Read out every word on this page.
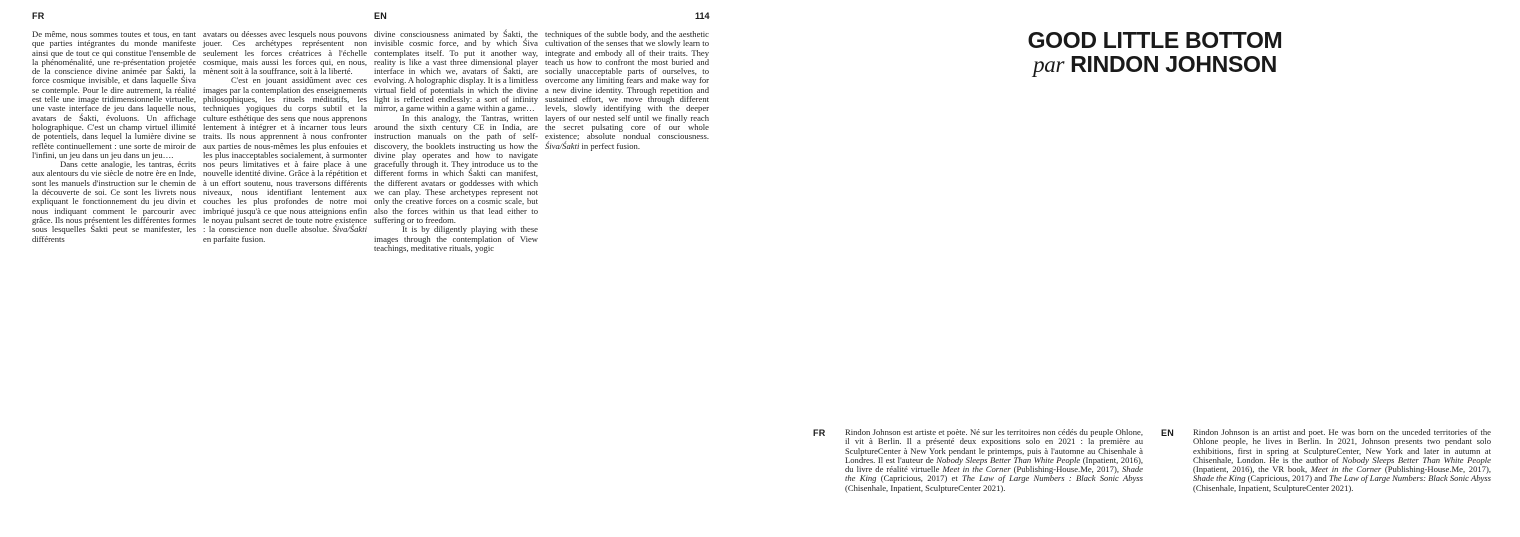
FR	EN	114

De même, nous sommes toutes et tous, en tant que parties intégrantes du monde manifeste ainsi que de tout ce qui constitue l'ensemble de la phénoménalité, une re-présentation projetée de la conscience divine animée par Śakti, la force cosmique invisible, et dans laquelle Śiva se contemple. Pour le dire autrement, la réalité est telle une image tridimensionnelle virtuelle, une vaste interface de jeu dans laquelle nous, avatars de Śakti, évoluons. Un affichage holographique. C'est un champ virtuel illimité de potentiels, dans lequel la lumière divine se reflète continuellement : une sorte de miroir de l'infini, un jeu dans un jeu dans un jeu….

Dans cette analogie, les tantras, écrits aux alentours du vie siècle de notre ère en Inde, sont les manuels d'instruction sur le chemin de la découverte de soi. Ce sont les livrets nous expliquant le fonctionnement du jeu divin et nous indiquant comment le parcourir avec grâce. Ils nous présentent les différentes formes sous lesquelles Śakti peut se manifester, les différents

avatars ou déesses avec lesquels nous pouvons jouer. Ces archétypes représentent non seulement les forces créatrices à l'échelle cosmique, mais aussi les forces qui, en nous, mènent soit à la souffrance, soit à la liberté.

C'est en jouant assidûment avec ces images par la contemplation des enseignements philosophiques, les rituels méditatifs, les techniques yogiques du corps subtil et la culture esthétique des sens que nous apprenons lentement à intégrer et à incarner tous leurs traits. Ils nous apprennent à nous confronter aux parties de nous-mêmes les plus enfouies et les plus inacceptables socialement, à surmonter nos peurs limitatives et à faire place à une nouvelle identité divine. Grâce à la répétition et à un effort soutenu, nous traversons différents niveaux, nous identifiant lentement aux couches les plus profondes de notre moi imbriqué jusqu'à ce que nous atteignions enfin le noyau pulsant secret de toute notre existence : la conscience non duelle absolue. Śiva/Śakti en parfaite fusion.

divine consciousness animated by Śakti, the invisible cosmic force, and by which Śiva contemplates itself. To put it another way, reality is like a vast three dimensional player interface in which we, avatars of Śakti, are evolving. A holographic display. It is a limitless virtual field of potentials in which the divine light is reflected endlessly: a sort of infinity mirror, a game within a game within a game…

In this analogy, the Tantras, written around the sixth century CE in India, are instruction manuals on the path of self-discovery, the booklets instructing us how the divine play operates and how to navigate gracefully through it. They introduce us to the different forms in which Śakti can manifest, the different avatars or goddesses with which we can play. These archetypes represent not only the creative forces on a cosmic scale, but also the forces within us that lead either to suffering or to freedom.

It is by diligently playing with these images through the contemplation of View teachings, meditative rituals, yogic

techniques of the subtle body, and the aesthetic cultivation of the senses that we slowly learn to integrate and embody all of their traits. They teach us how to confront the most buried and socially unacceptable parts of ourselves, to overcome any limiting fears and make way for a new divine identity. Through repetition and sustained effort, we move through different levels, slowly identifying with the deeper layers of our nested self until we finally reach the secret pulsating core of our whole existence; absolute nondual consciousness. Śiva/Śakti in perfect fusion.

GOOD LITTLE BOTTOM
par RINDON JOHNSON
FR Rindon Johnson est artiste et poète. Né sur les territoires non cédés du peuple Ohlone, il vit à Berlin. Il a présenté deux expositions solo en 2021 : la première au SculptureCenter à New York pendant le printemps, puis à l'automne au Chisenhale à Londres. Il est l'auteur de Nobody Sleeps Better Than White People (Inpatient, 2016), du livre de réalité virtuelle Meet in the Corner (Publishing-House.Me, 2017), Shade the King (Capricious, 2017) et The Law of Large Numbers : Black Sonic Abyss (Chisenhale, Inpatient, SculptureCenter 2021).

EN Rindon Johnson is an artist and poet. He was born on the unceded territories of the Ohlone people, he lives in Berlin. In 2021, Johnson presents two pendant solo exhibitions, first in spring at SculptureCenter, New York and later in autumn at Chisenhale, London. He is the author of Nobody Sleeps Better Than White People (Inpatient, 2016), the VR book, Meet in the Corner (Publishing-House.Me, 2017), Shade the King (Capricious, 2017) and The Law of Large Numbers: Black Sonic Abyss (Chisenhale, Inpatient, SculptureCenter 2021).
